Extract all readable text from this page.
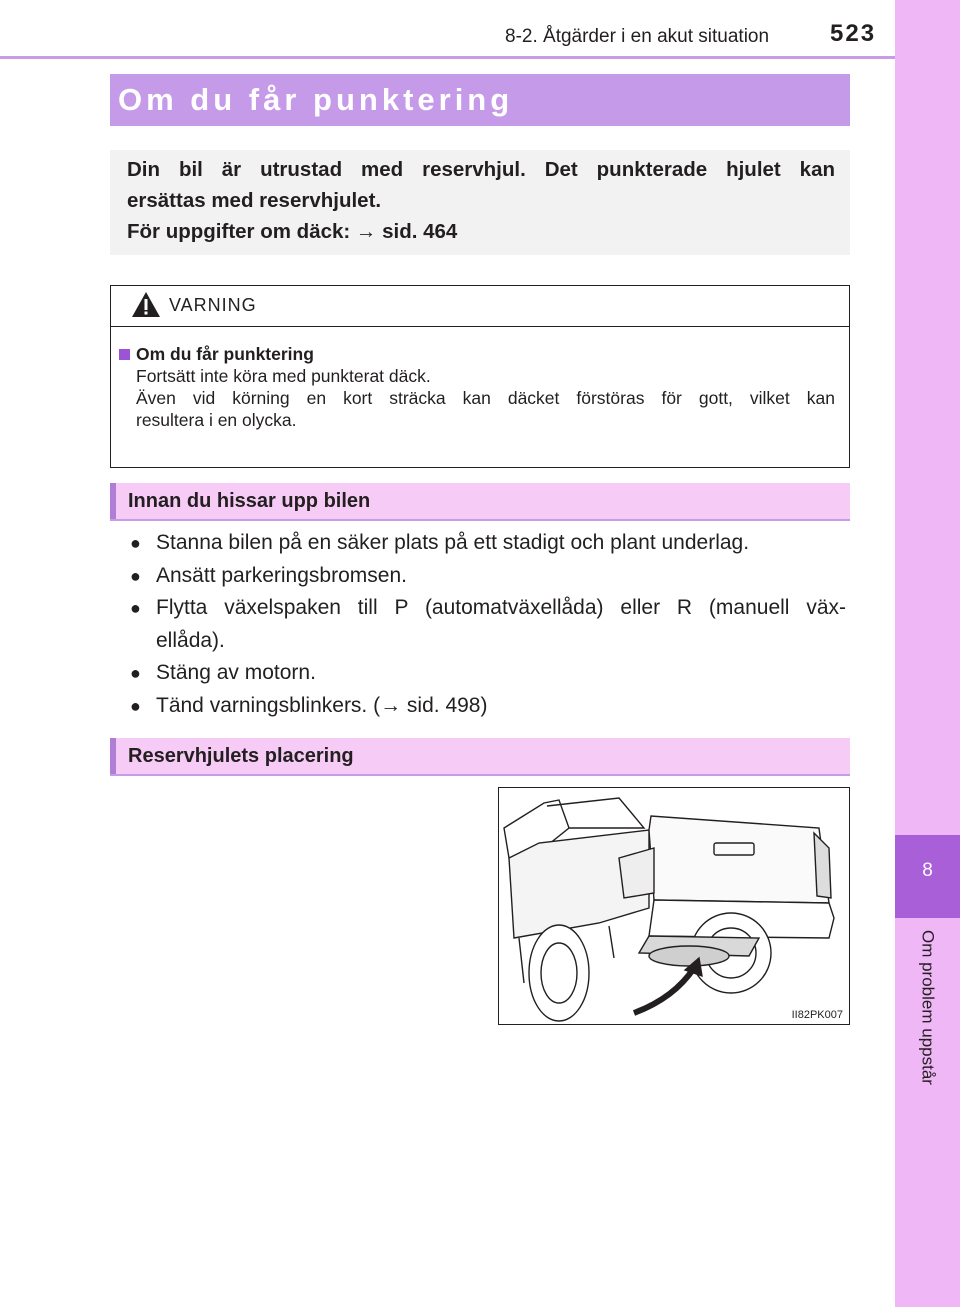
8-2. Åtgärder i en akut situation	523
8
Om problem uppstår
Om du får punktering
Din bil är utrustad med reservhjul. Det punkterade hjulet kan
ersättas med reservhjulet.
För uppgifter om däck: → sid. 464
VARNING
Om du får punktering
Fortsätt inte köra med punkterat däck.
Även vid körning en kort sträcka kan däcket förstöras för gott, vilket kan
resultera i en olycka.
Innan du hissar upp bilen
● Stanna bilen på en säker plats på ett stadigt och plant underlag.
● Ansätt parkeringsbromsen.
● Flytta växelspaken till P (automatväxellåda) eller R (manuell väx-
ellåda).
● Stäng av motorn.
● Tänd varningsblinkers. (→ sid. 498)
Reservhjulets placering
II82PK007
